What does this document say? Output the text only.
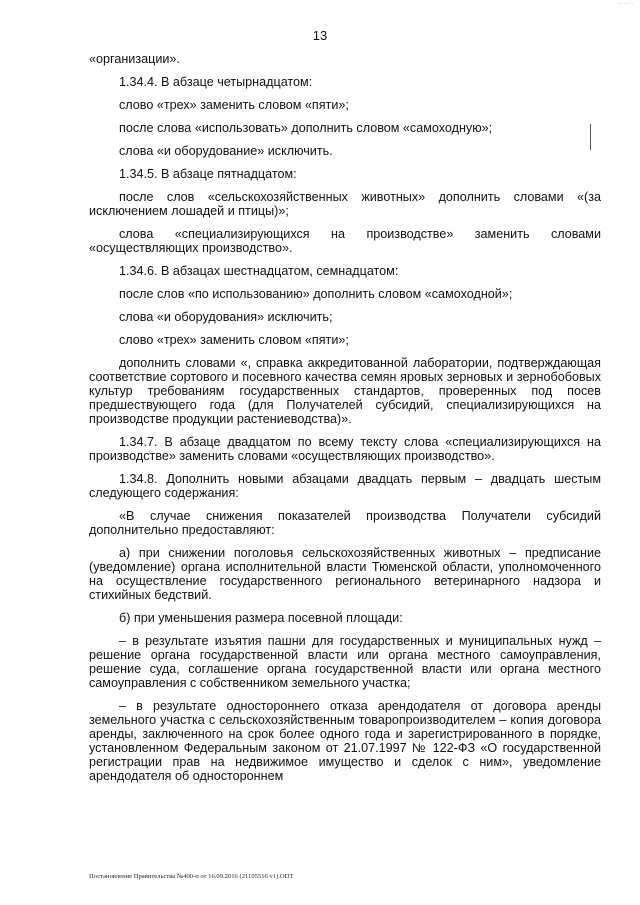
13
......

«организации».

1.34.4. В абзаце четырнадцатом:

слово «трех» заменить словом «пяти»;

после слова «использовать» дополнить словом «самоходную»;

слова «и оборудование» исключить.

1.34.5. В абзаце пятнадцатом:

после слов «сельскохозяйственных животных» дополнить словами «(за исключением лошадей и птицы)»;

слова «специализирующихся на производстве» заменить словами «осуществляющих производство».

1.34.6. В абзацах шестнадцатом, семнадцатом:

после слов «по использованию» дополнить словом «самоходной»;

слова «и оборудования» исключить;

слово «трех» заменить словом «пяти»;

дополнить словами «, справка аккредитованной лаборатории, подтверждающая соответствие сортового и посевного качества семян яровых зерновых и зернобобовых культур требованиям государственных стандартов, проверенных под посев предшествующего года (для Получателей субсидий, специализирующихся на производстве продукции растениеводства)».

1.34.7. В абзаце двадцатом по всему тексту слова «специализирующихся на производстве» заменить словами «осуществляющих производство».

1.34.8. Дополнить новыми абзацами двадцать первым – двадцать шестым следующего содержания:

«В случае снижения показателей производства Получатели субсидий дополнительно предоставляют:

а) при снижении поголовья сельскохозяйственных животных – предписание (уведомление) органа исполнительной власти Тюменской области, уполномоченного на осуществление государственного регионального ветеринарного надзора и стихийных бедствий.

б) при уменьшения размера посевной площади:

– в результате изъятия пашни для государственных и муниципальных нужд – решение органа государственной власти или органа местного самоуправления, решение суда, соглашение органа государственной власти или органа местного самоуправления с собственником земельного участка;

– в результате одностороннего отказа арендодателя от договора аренды земельного участка с сельскохозяйственным товаропроизводителем – копия договора аренды, заключенного на срок более одного года и зарегистрированного в порядке, установленном Федеральным законом от 21.07.1997 № 122-ФЗ «О государственной регистрации прав на недвижимое имущество и сделок с ним», уведомление арендодателя об одностороннем

Постановление Правительства №400-п от 16.09.2016 (21105516 v1).ODT
